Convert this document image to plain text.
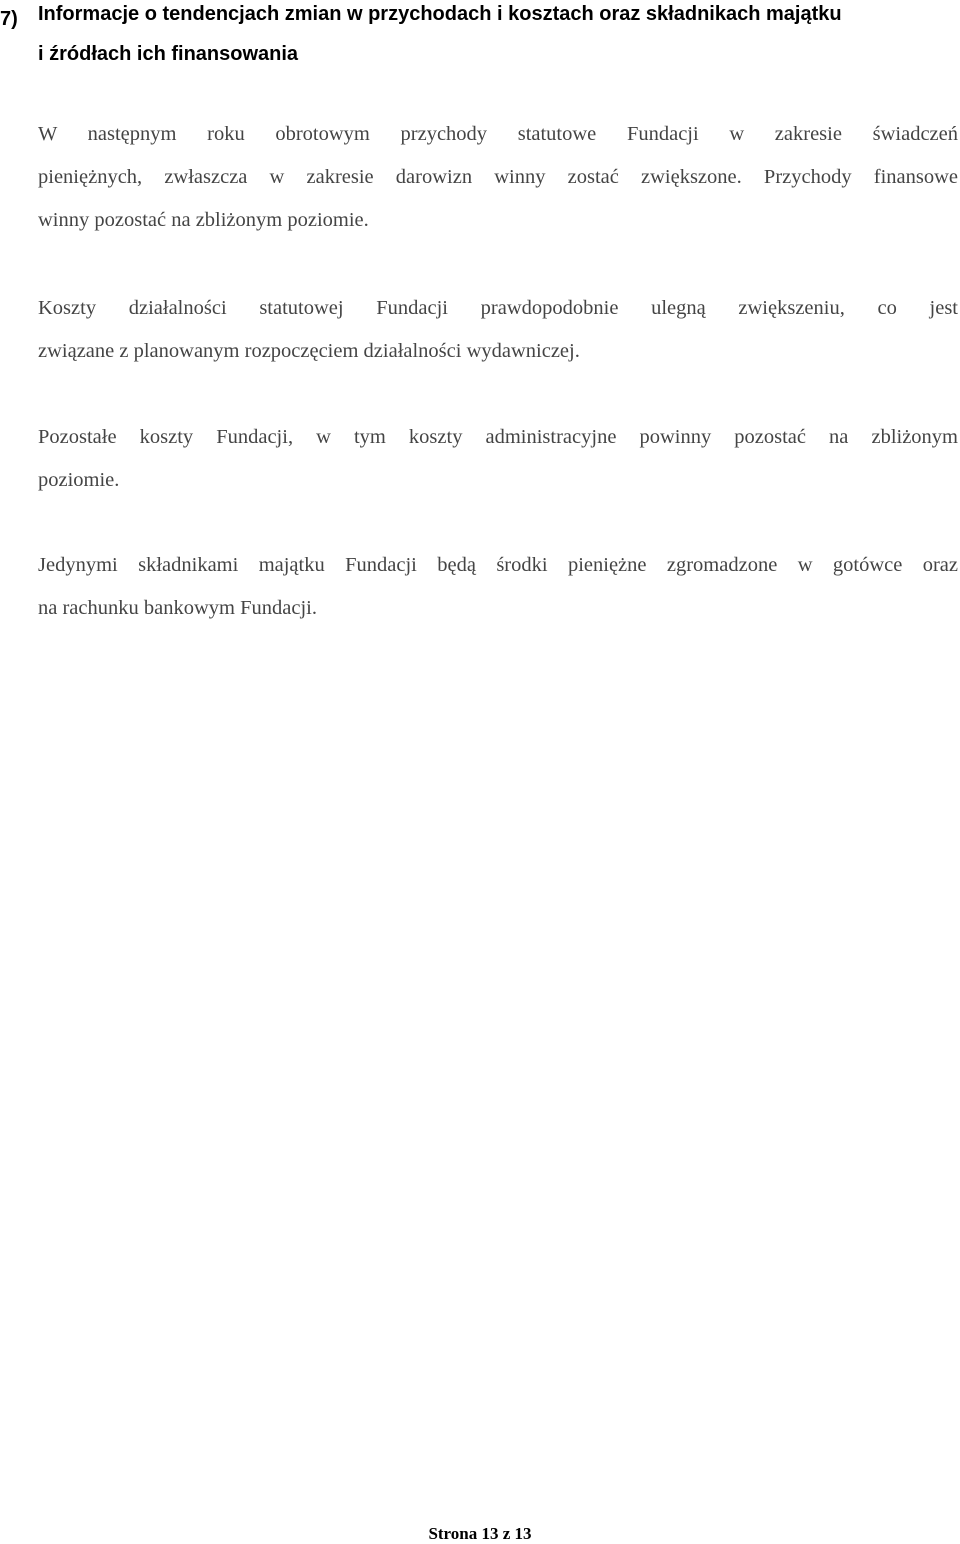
7) Informacje o tendencjach zmian w przychodach i kosztach oraz składnikach majątku
i źródłach ich finansowania

W następnym roku obrotowym przychody statutowe Fundacji w zakresie świadczeń
pieniężnych, zwłaszcza w zakresie darowizn winny zostać zwiększone. Przychody finansowe
winny pozostać na zbliżonym poziomie.

Koszty działalności statutowej Fundacji prawdopodobnie ulegną zwiększeniu, co jest
związane z planowanym rozpoczęciem działalności wydawniczej.

Pozostałe koszty Fundacji, w tym koszty administracyjne powinny pozostać na zbliżonym
poziomie.

Jedynymi składnikami majątku Fundacji będą środki pieniężne zgromadzone w gotówce oraz
na rachunku bankowym Fundacji.

Strona 13 z 13
